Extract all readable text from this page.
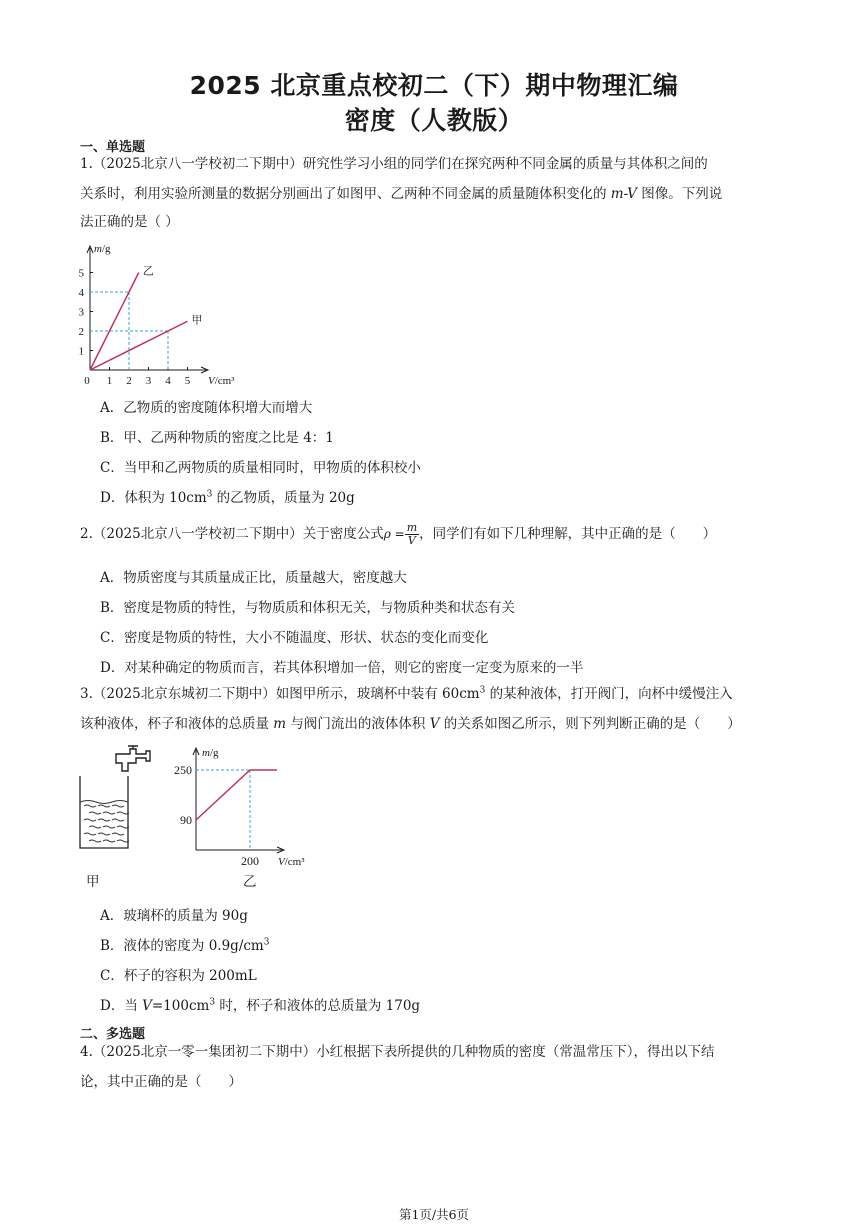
2025 北京重点校初二（下）期中物理汇编
密度（人教版）
一、单选题
1.（2025北京八一学校初二下期中）研究性学习小组的同学们在探究两种不同金属的质量与其体积之间的
关系时，利用实验所测量的数据分别画出了如图甲、乙两种不同金属的质量随体积变化的 m-V 图像。下列说
法正确的是（ ）
m/g
V/cm³
0 1 2 3 4 5
1
2
3
4
5	乙
甲
A．乙物质的密度随体积增大而增大
B．甲、乙两种物质的密度之比是 4：1
C．当甲和乙两物质的质量相同时，甲物质的体积校小
D．体积为 $10cm^3$ 的乙物质，质量为 20g
2.（2025北京八一学校初二下期中）关于密度公式$\rho = \frac{m}{V}$ ，同学们有如下几种理解，其中正确的是（　　）
A．物质密度与其质量成正比，质量越大，密度越大
B．密度是物质的特性，与物质质和体积无关，与物质种类和状态有关
C．密度是物质的特性，大小不随温度、形状、状态的变化而变化
D．对某种确定的物质而言，若其体积增加一倍，则它的密度一定变为原来的一半
3.（2025北京东城初二下期中）如图甲所示，玻璃杯中装有 $60cm^3$ 的某种液体，打开阀门，向杯中缓慢注入
该种液体，杯子和液体的总质量 m 与阀门流出的液体体积 V 的关系如图乙所示，则下列判断正确的是（　　）
甲
m/g
V/cm³
90
250
200
乙
A．玻璃杯的质量为 90g
B．液体的密度为 $0.9g/cm^3$
C．杯子的容积为 200mL
D．当 $V=100cm^3$ 时，杯子和液体的总质量为 170g
二、多选题
4.（2025北京一零一集团初二下期中）小红根据下表所提供的几种物质的密度（常温常压下），得出以下结
论，其中正确的是（　　）
第1页/共6页
